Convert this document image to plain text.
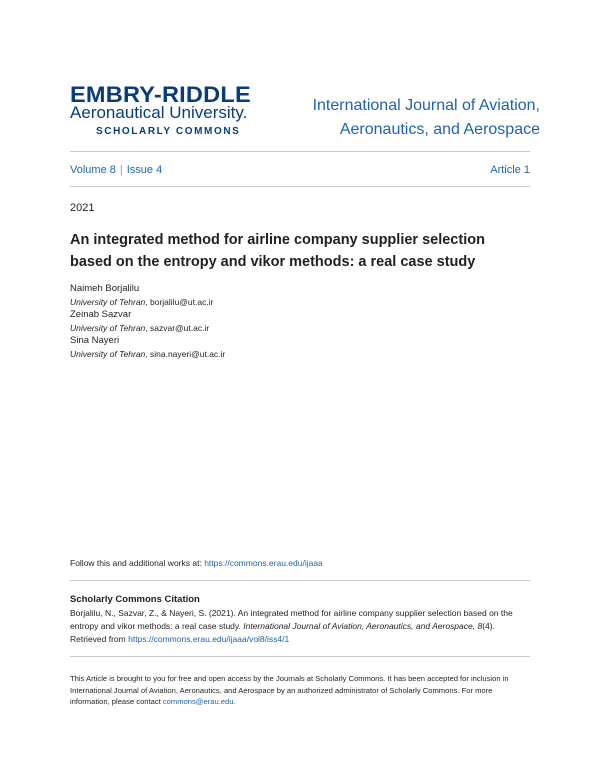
EMBRY-RIDDLE
Aeronautical University.
SCHOLARLY COMMONS
International Journal of Aviation,
Aeronautics, and Aerospace
Volume 8 | Issue 4	Article 1
2021
An integrated method for airline company supplier selection
based on the entropy and vikor methods: a real case study
Naimeh Borjalilu
University of Tehran, borjalilu@ut.ac.ir
Zeinab Sazvar
University of Tehran, sazvar@ut.ac.ir
Sina Nayeri
University of Tehran, sina.nayeri@ut.ac.ir
Follow this and additional works at: https://commons.erau.edu/ijaaa
Scholarly Commons Citation
Borjalilu, N., Sazvar, Z., & Nayeri, S. (2021). An integrated method for airline company supplier selection based on the entropy and vikor methods: a real case study. International Journal of Aviation, Aeronautics, and Aerospace, 8(4). Retrieved from https://commons.erau.edu/ijaaa/vol8/iss4/1
This Article is brought to you for free and open access by the Journals at Scholarly Commons. It has been accepted for inclusion in International Journal of Aviation, Aeronautics, and Aerospace by an authorized administrator of Scholarly Commons. For more information, please contact commons@erau.edu.
